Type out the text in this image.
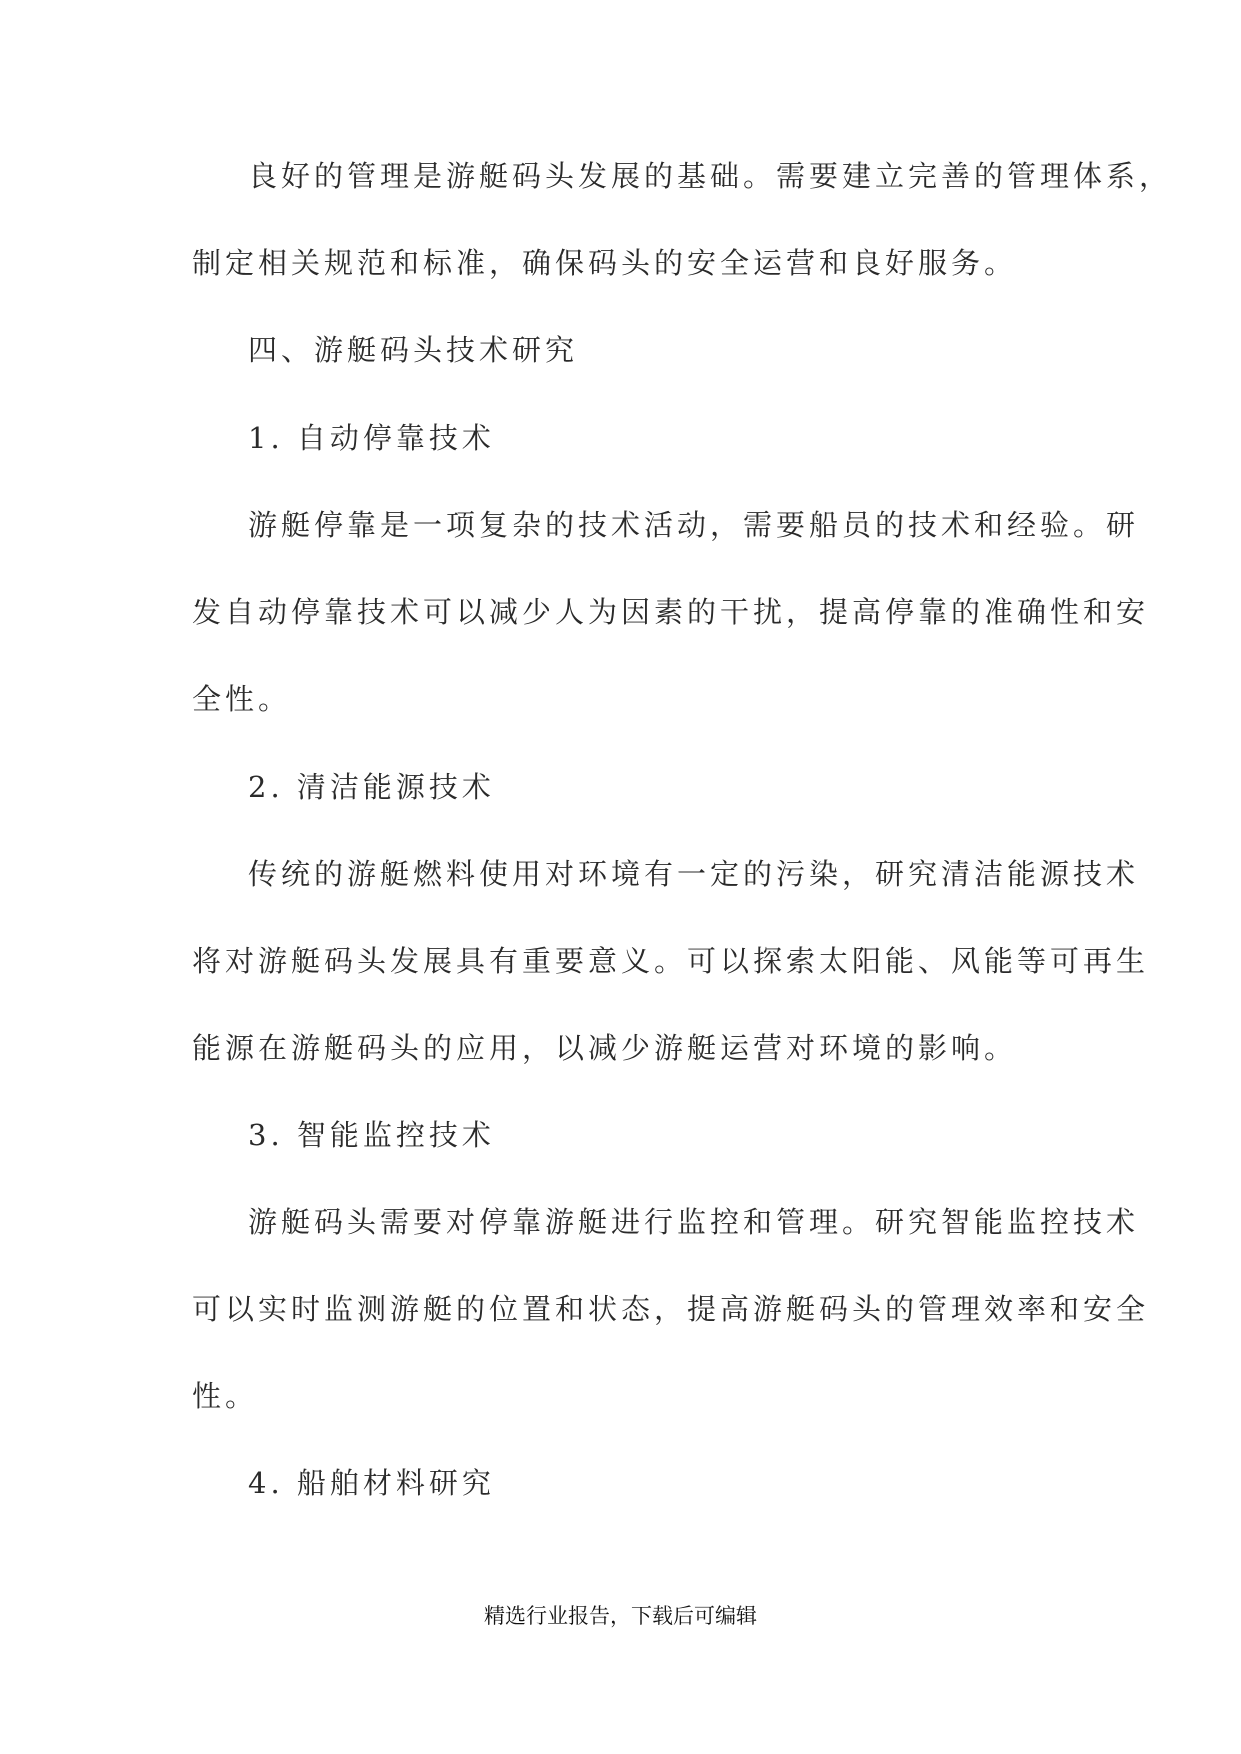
良好的管理是游艇码头发展的基础。需要建立完善的管理体系，
制定相关规范和标准，确保码头的安全运营和良好服务。
四、游艇码头技术研究
1. 自动停靠技术
游艇停靠是一项复杂的技术活动，需要船员的技术和经验。研
发自动停靠技术可以减少人为因素的干扰，提高停靠的准确性和安
全性。
2. 清洁能源技术
传统的游艇燃料使用对环境有一定的污染，研究清洁能源技术
将对游艇码头发展具有重要意义。可以探索太阳能、风能等可再生
能源在游艇码头的应用，以减少游艇运营对环境的影响。
3. 智能监控技术
游艇码头需要对停靠游艇进行监控和管理。研究智能监控技术
可以实时监测游艇的位置和状态，提高游艇码头的管理效率和安全
性。
4. 船舶材料研究
精选行业报告，下载后可编辑
